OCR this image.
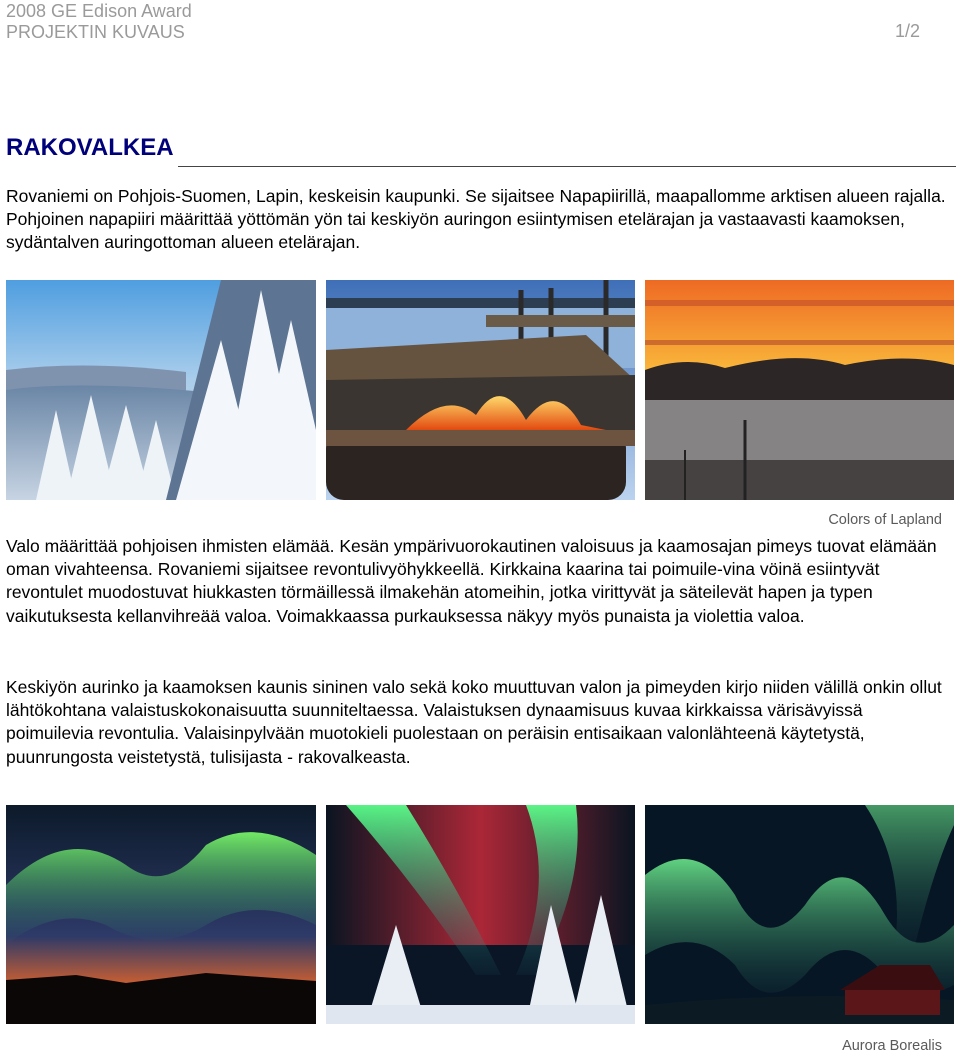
2008 GE Edison Award
PROJEKTIN KUVAUS	1/2
RAKOVALKEA

Rovaniemi on Pohjois-Suomen, Lapin, keskeisin kaupunki. Se sijaitsee Napapiirillä, maapallomme arktisen alueen rajalla. Pohjoinen napapiiri määrittää yöttömän yön tai keskiyön auringon esiintymisen etelärajan ja vastaavasti kaamoksen, sydäntalven auringottoman alueen etelärajan.

Colors of Lapland

Valo määrittää pohjoisen ihmisten elämää. Kesän ympärivuorokautinen valoisuus ja kaamosajan pimeys tuovat elämään oman vivahteensa. Rovaniemi sijaitsee revontulivyöhykkeellä. Kirkkaina kaarina tai poimuile-vina vöinä esiintyvät revontulet muodostuvat hiukkasten törmäillessä ilmakehän atomeihin, jotka virittyvät ja säteilevät hapen ja typen vaikutuksesta kellanvihreää valoa. Voimakkaassa purkauksessa näkyy myös punaista ja violettia valoa.

Keskiyön aurinko ja kaamoksen kaunis sininen valo sekä koko muuttuvan valon ja pimeyden kirjo niiden välillä onkin ollut lähtökohtana valaistuskokonaisuutta suunniteltaessa. Valaistuksen dynaamisuus kuvaa kirkkaissa värisävyissä poimuilevia revontulia. Valaisinpylvään muotokieli puolestaan on peräisin entisaikaan valonlähteenä käytetystä, puunrungosta veistetystä, tulisijasta - rakovalkeasta.

Aurora Borealis
